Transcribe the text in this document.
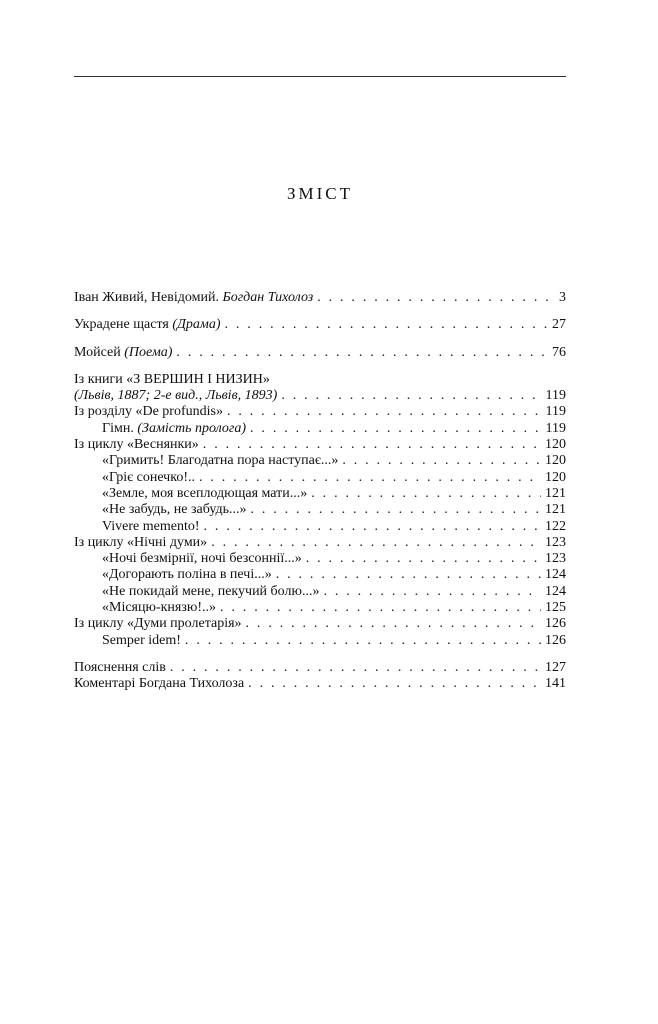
ЗМІСТ
Іван Живий, Невідомий. Богдан Тихолоз . . .	3
Украдене щастя (Драма) . . .	27
Мойсей (Поема) . . .	76
Із книги «З ВЕРШИН І НИЗИН»
(Львів, 1887; 2-е вид., Львів, 1893) . . .	119
Із розділу «De profundis» . . .	119
Гімн. (Замість пролога) . . .	119
Із циклу «Веснянки» . . .	120
«Гримить! Благодатна пора наступає...» . . .	120
«Гріє сонечко!.. . . .	120
«Земле, моя всеплодющая мати...» . . .	121
«Не забудь, не забудь...» . . .	121
Vivere memento! . . .	122
Із циклу «Нічні думи» . . .	123
«Ночі безмірнії, ночі безсоннії...» . . .	123
«Догорають поліна в печі...» . . .	124
«Не покидай мене, пекучий болю...» . . .	124
«Місяцю-князю!..» . . .	125
Із циклу «Думи пролетарія» . . .	126
Semper idem! . . .	126
Пояснення слів . . .	127
Коментарі Богдана Тихолоза . . .	141
